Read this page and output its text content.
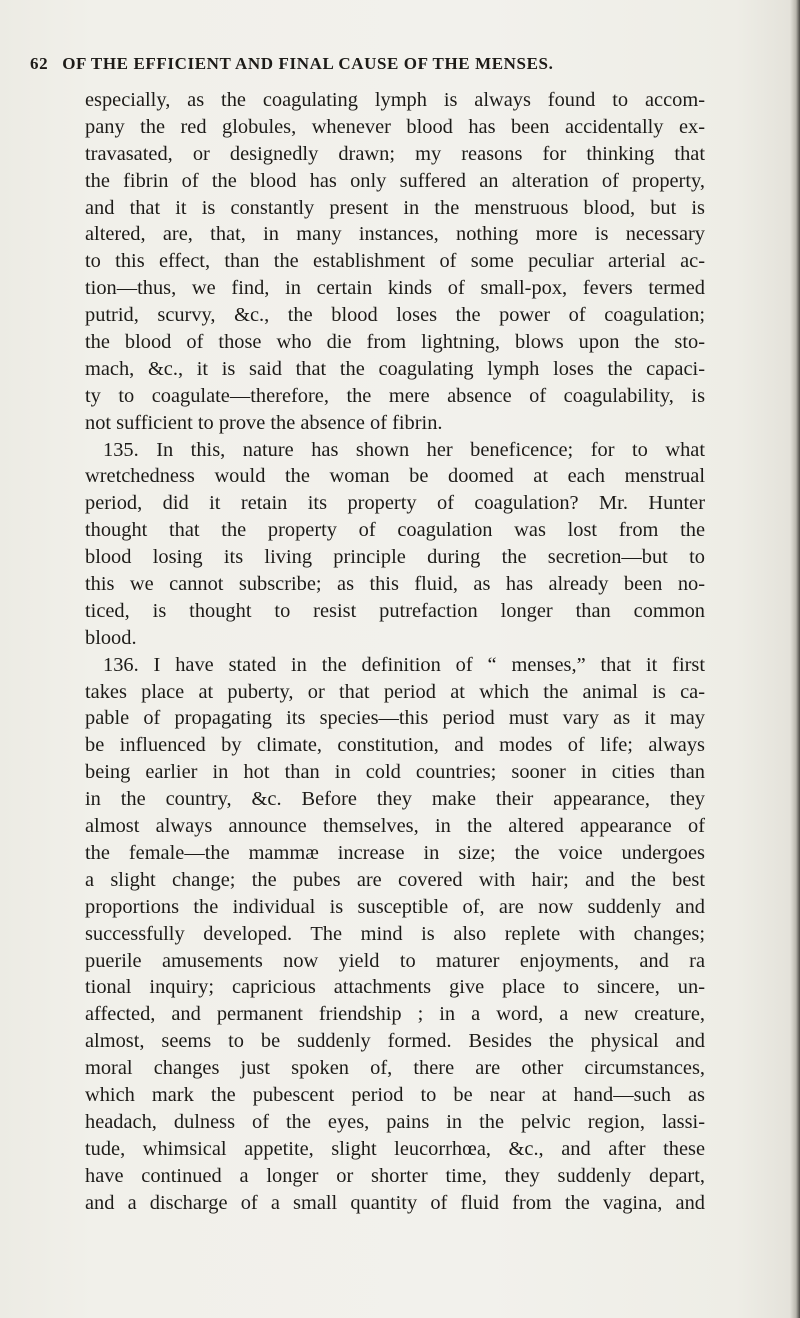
62 OF THE EFFICIENT AND FINAL CAUSE OF THE MENSES.
especially, as the coagulating lymph is always found to accom-
pany the red globules, whenever blood has been accidentally ex-
travasated, or designedly drawn; my reasons for thinking that
the fibrin of the blood has only suffered an alteration of property,
and that it is constantly present in the menstruous blood, but is
altered, are, that, in many instances, nothing more is necessary
to this effect, than the establishment of some peculiar arterial ac-
tion—thus, we find, in certain kinds of small-pox, fevers termed
putrid, scurvy, &c., the blood loses the power of coagulation;
the blood of those who die from lightning, blows upon the sto-
mach, &c., it is said that the coagulating lymph loses the capaci-
ty to coagulate—therefore, the mere absence of coagulability, is
not sufficient to prove the absence of fibrin.
135. In this, nature has shown her beneficence; for to what
wretchedness would the woman be doomed at each menstrual
period, did it retain its property of coagulation? Mr. Hunter
thought that the property of coagulation was lost from the
blood losing its living principle during the secretion—but to
this we cannot subscribe; as this fluid, as has already been no-
ticed, is thought to resist putrefaction longer than common
blood.
136. I have stated in the definition of “ menses,” that it first
takes place at puberty, or that period at which the animal is ca-
pable of propagating its species—this period must vary as it may
be influenced by climate, constitution, and modes of life; always
being earlier in hot than in cold countries; sooner in cities than
in the country, &c. Before they make their appearance, they
almost always announce themselves, in the altered appearance of
the female—the mammæ increase in size; the voice undergoes
a slight change; the pubes are covered with hair; and the best
proportions the individual is susceptible of, are now suddenly and
successfully developed. The mind is also replete with changes;
puerile amusements now yield to maturer enjoyments, and ra
tional inquiry; capricious attachments give place to sincere, un-
affected, and permanent friendship ; in a word, a new creature,
almost, seems to be suddenly formed. Besides the physical and
moral changes just spoken of, there are other circumstances,
which mark the pubescent period to be near at hand—such as
headach, dulness of the eyes, pains in the pelvic region, lassi-
tude, whimsical appetite, slight leucorrhœa, &c., and after these
have continued a longer or shorter time, they suddenly depart,
and a discharge of a small quantity of fluid from the vagina, and
